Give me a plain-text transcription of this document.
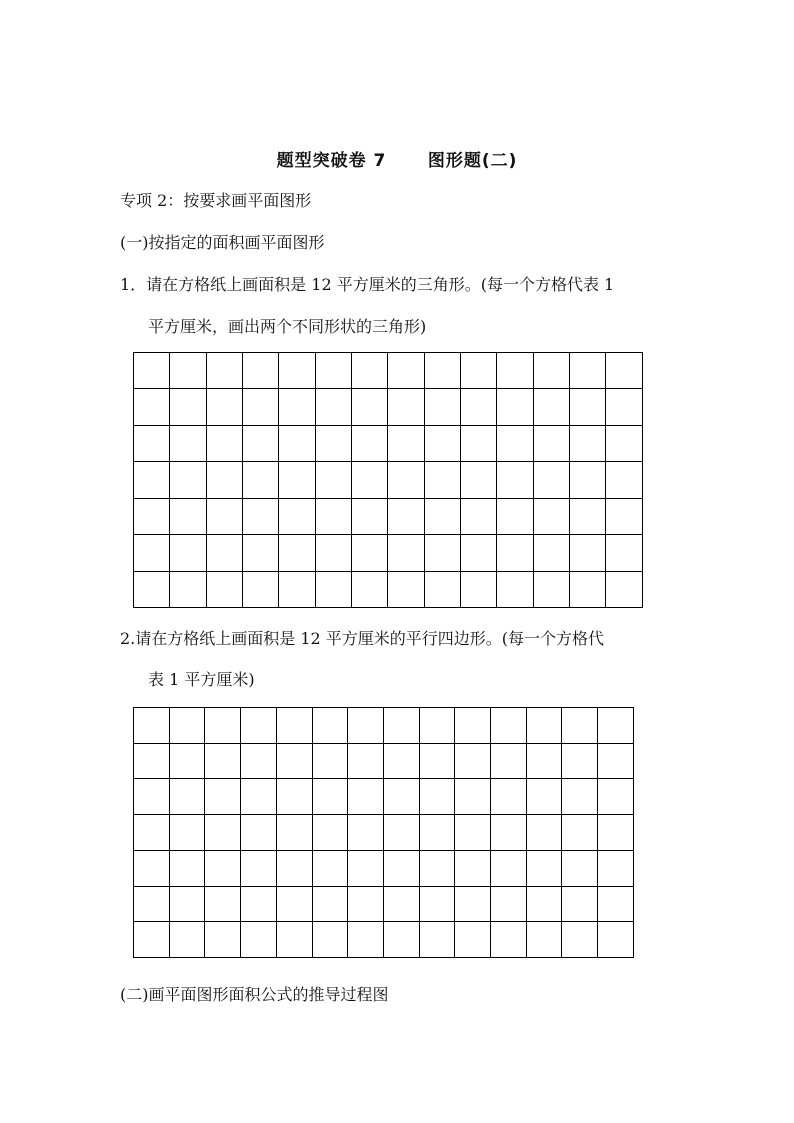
题型突破卷 7      图形题(二)
专项 2：按要求画平面图形
(一)按指定的面积画平面图形
1．请在方格纸上画面积是 12 平方厘米的三角形。(每一个方格代表 1
平方厘米，画出两个不同形状的三角形)

2.请在方格纸上画面积是 12 平方厘米的平行四边形。(每一个方格代
表 1 平方厘米)

(二)画平面图形面积公式的推导过程图
